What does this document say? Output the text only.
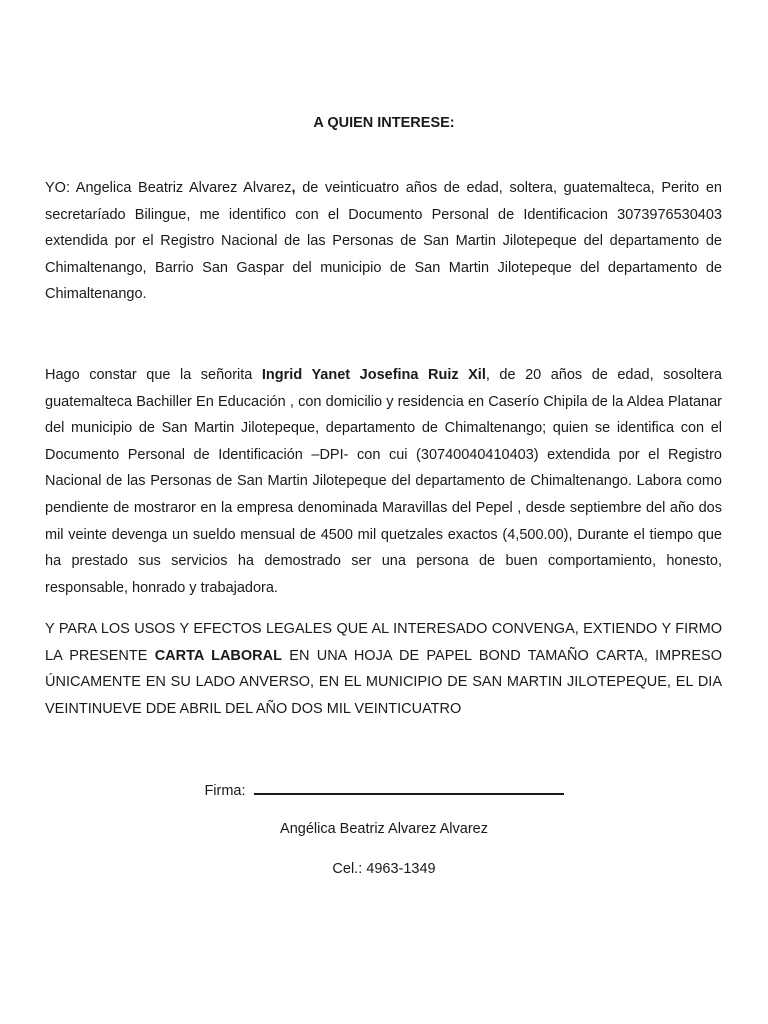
A QUIEN INTERESE:

YO: Angelica Beatriz Alvarez Alvarez, de veinticuatro años de edad, soltera, guatemalteca, Perito en secretaríado Bilingue, me identifico con el Documento Personal de Identificacion 3073976530403 extendida por el Registro Nacional de las Personas de San Martin Jilotepeque del departamento de Chimaltenango, Barrio San Gaspar del municipio de San Martin Jilotepeque del departamento de Chimaltenango.

Hago constar que la señorita Ingrid Yanet Josefina Ruiz Xil, de 20 años de edad, sosoltera guatemalteca Bachiller En Educación , con domicilio y residencia en Caserío Chipila de la Aldea Platanar del municipio de San Martin Jilotepeque, departamento de Chimaltenango; quien se identifica con el Documento Personal de Identificación –DPI- con cui (30740040410403) extendida por el Registro Nacional de las Personas de San Martin Jilotepeque del departamento de Chimaltenango. Labora como pendiente de mostraror en la empresa denominada Maravillas del Pepel , desde septiembre del año dos mil veinte devenga un sueldo mensual de 4500 mil quetzales exactos (4,500.00), Durante el tiempo que ha prestado sus servicios ha demostrado ser una persona de buen comportamiento, honesto, responsable, honrado y trabajadora.

Y PARA LOS USOS Y EFECTOS LEGALES QUE AL INTERESADO CONVENGA, EXTIENDO Y FIRMO LA PRESENTE CARTA LABORAL EN UNA HOJA DE PAPEL BOND TAMAÑO CARTA, IMPRESO ÚNICAMENTE EN SU LADO ANVERSO, EN EL MUNICIPIO DE SAN MARTIN JILOTEPEQUE, EL DIA VEINTINUEVE DDE ABRIL DEL AÑO DOS MIL VEINTICUATRO

Firma:
Angélica Beatriz Alvarez Alvarez
Cel.: 4963-1349
